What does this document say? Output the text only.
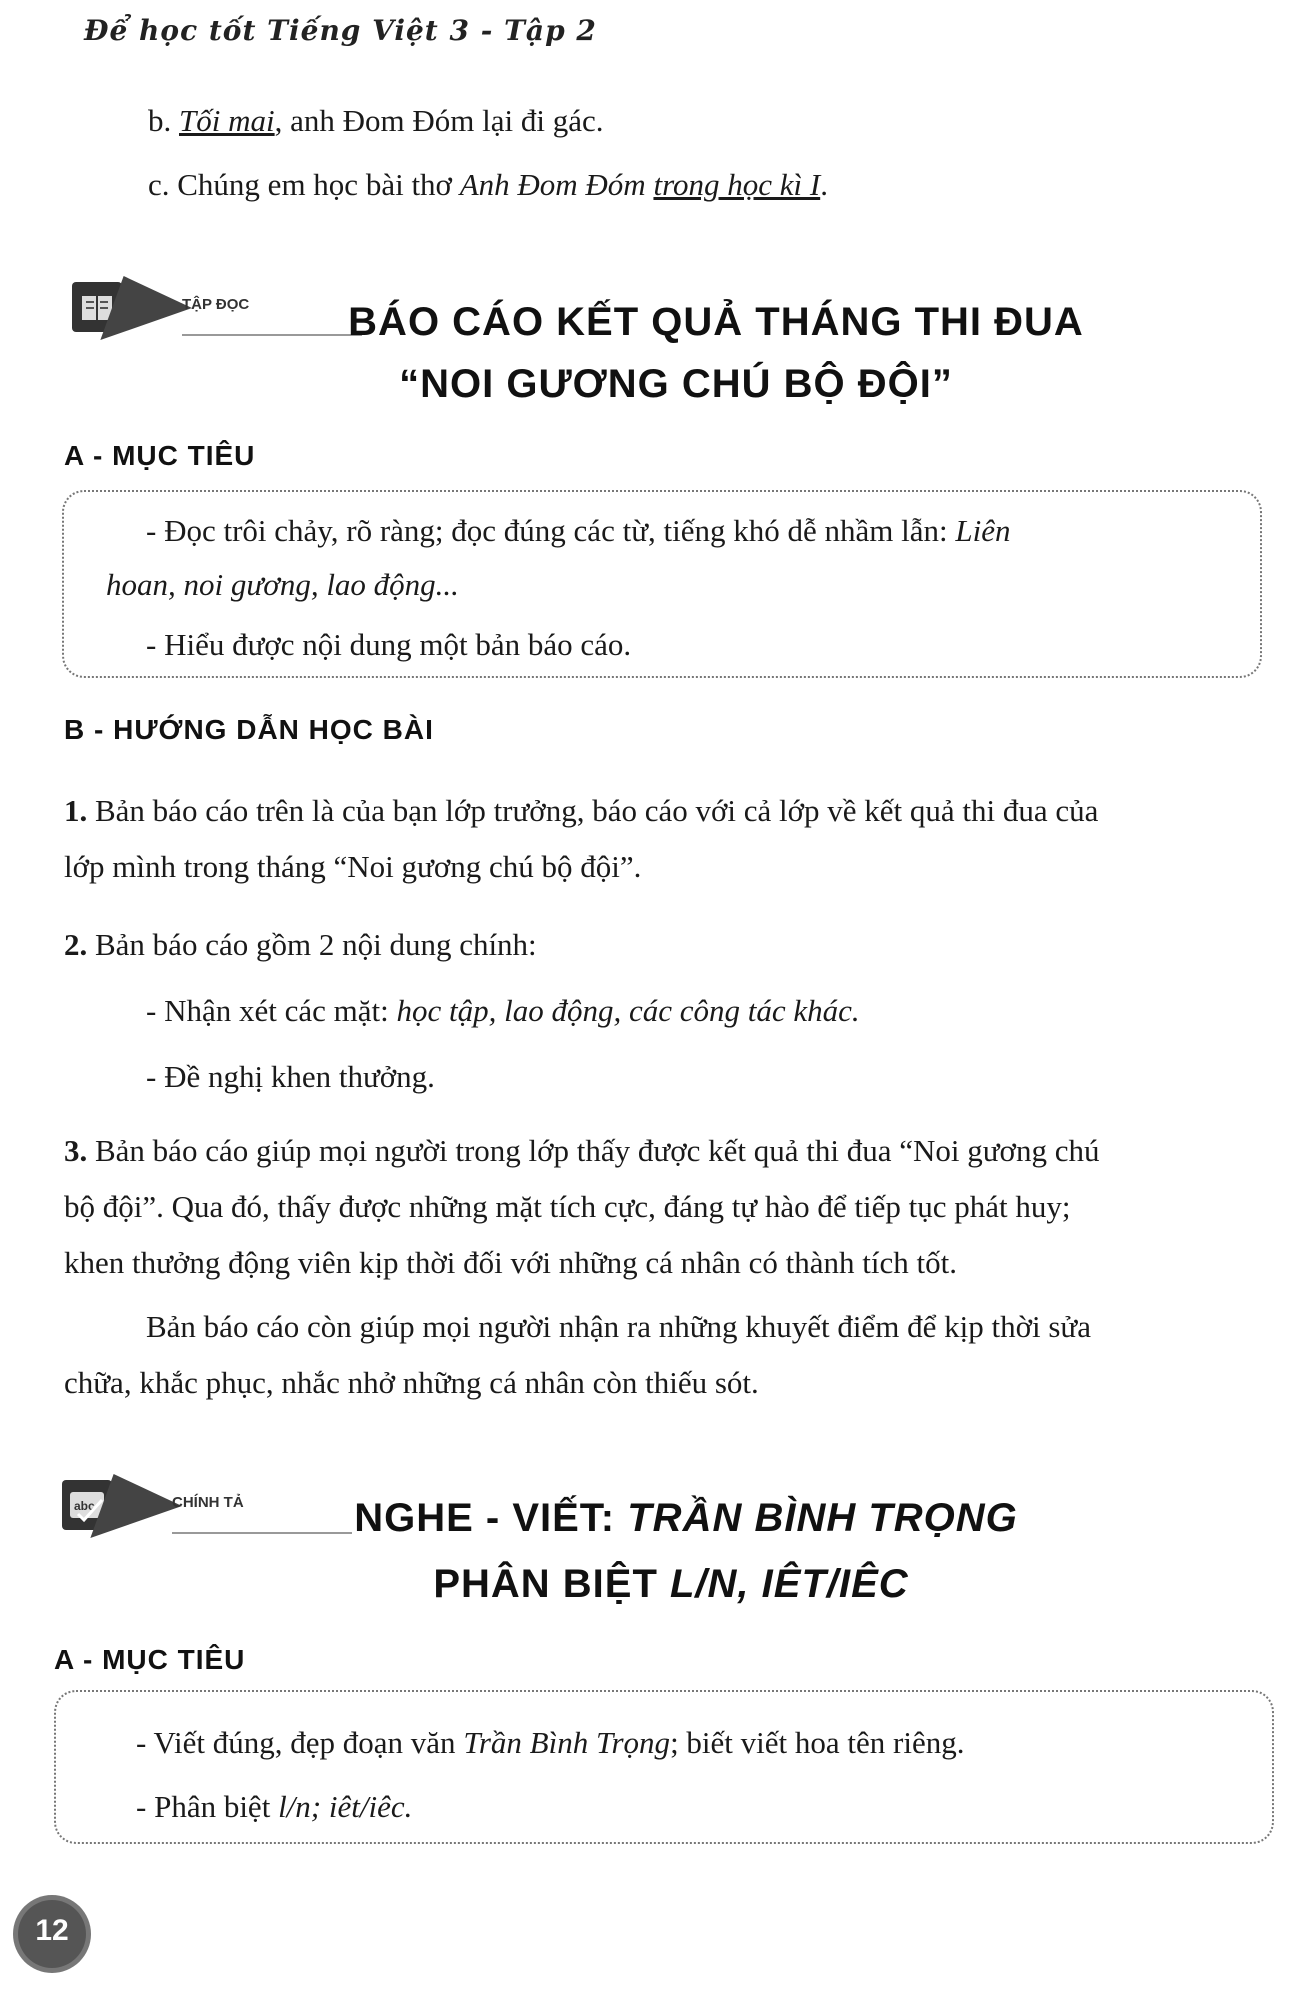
Để học tốt Tiếng Việt 3 - Tập 2
b. Tối mai, anh Đom Đóm lại đi gác.
c. Chúng em học bài thơ Anh Đom Đóm trong học kì I.
TẬP ĐỌC	BÁO CÁO KẾT QUẢ THÁNG THI ĐUA
“NOI GƯƠNG CHÚ BỘ ĐỘI”
A - MỤC TIÊU
- Đọc trôi chảy, rõ ràng; đọc đúng các từ, tiếng khó dễ nhầm lẫn: Liên
hoan, noi gương, lao động...
- Hiểu được nội dung một bản báo cáo.
B - HƯỚNG DẪN HỌC BÀI
1. Bản báo cáo trên là của bạn lớp trưởng, báo cáo với cả lớp về kết quả thi đua của
lớp mình trong tháng “Noi gương chú bộ đội”.
2. Bản báo cáo gồm 2 nội dung chính:
- Nhận xét các mặt: học tập, lao động, các công tác khác.
- Đề nghị khen thưởng.
3. Bản báo cáo giúp mọi người trong lớp thấy được kết quả thi đua “Noi gương chú
bộ đội”. Qua đó, thấy được những mặt tích cực, đáng tự hào để tiếp tục phát huy;
khen thưởng động viên kịp thời đối với những cá nhân có thành tích tốt.
Bản báo cáo còn giúp mọi người nhận ra những khuyết điểm để kịp thời sửa
chữa, khắc phục, nhắc nhở những cá nhân còn thiếu sót.
abc	CHÍNH TẢ	NGHE - VIẾT: TRẦN BÌNH TRỌNG
PHÂN BIỆT L/N, IÊT/IÊC
A - MỤC TIÊU
- Viết đúng, đẹp đoạn văn Trần Bình Trọng; biết viết hoa tên riêng.
- Phân biệt l/n; iêt/iêc.
12
